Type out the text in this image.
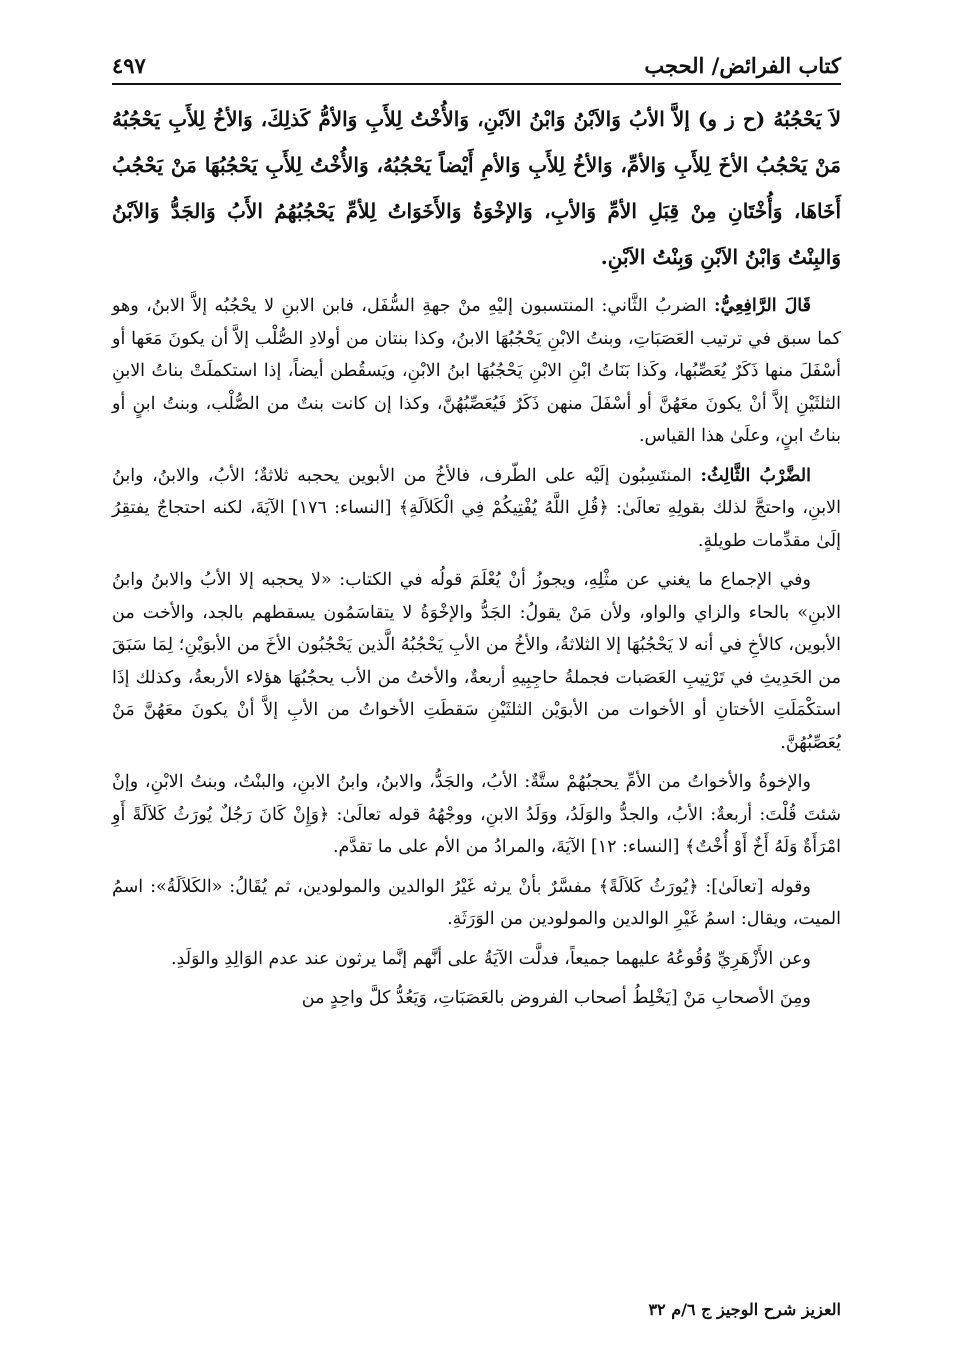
كتاب الفرائض/ الحجب
٤٩٧
لاَ يَحْجُبُهُ (ح ز و) إلاَّ الأبُ وَالاَبْنُ وَابْنُ الاَبْنِ، وَالأُخْتُ لِلأَبِ وَالأمُّ كَذلِكَ، وَالأخُ لِلأَبِ يَحْجُبُهُ مَنْ يَحْجُبُ الأخَ لِلأَبِ وَالأمِّ، وَالأخُ لِلأَبِ وَالأمِ أَيْضاً يَحْجُبُهُ، وَالأُخْتُ لِلأَبِ يَحْجُبُهَا مَنْ يَحْجُبُ أَخَاهَا، وَأُخْتَانِ مِنْ قِبَلِ الأمِّ وَالأبِ، وَالإخْوَةُ وَالأَخَوَاتُ لِلأمِّ يَحْجُبُهُمُ الأَبُ وَالجَدُّ وَالاَبْنُ وَالبِنْتُ وَابْنُ الاَبْنِ وَبِنْتُ الاَبْنِ.

قَالَ الرَّافِعِيُّ: الضربُ الثَّاني: المنتسبون إليْهِ منْ جهةِ السُّفَل، فابن الابنِ لا يحْجُبُه إلاَّ الابنُ، وهو كما سبق في ترتيب العَصَبَاتِ، وبنتُ الابْنِ يَحْجُبُهَا الابنُ، وكذا بنتان من أولادِ الصُّلْب إلاَّ أن يكونَ مَعَها أو أسْفَلَ منها ذَكَرٌ يُعَصِّبُها، وكَذا بَنَاتُ ابْنِ الابْنِ يَحْجُبُهَا ابنُ الابْنِ، ويَسقُطن أيضاً، إذا استكملَتْ بناتُ الابنِ الثلثَيْنِ إلاَّ أنْ يكونَ معَهُنَّ أو أسْفَلَ منهن ذَكَرٌ فَيُعَصِّبُهُنَّ، وكذا إن كانت بنتٌ من الصُّلْب، وبنتُ ابنٍ أو بناتُ ابنٍ، وعلَىٰ هذا القياس.

الضَّرْبُ الثَّالِثُ: المنتَسِبُون إلَيْه على الطّرف، فالأخُ من الأبوين يحجبه ثلاثةٌ؛ الأبُ، والابنُ، وابنُ الابنِ، واحتجَّ لذلك بقولِهِ تعالَىٰ: ﴿قُلِ اللَّهُ يُفْتِيكُمْ فِي الْكَلاَلَةِ﴾ [النساء: ١٧٦] الآيَةَ، لكنه احتجاجٌ يفتقِرُ إلَىٰ مقدِّمات طويلةٍ.

وفي الإجماع ما يغني عن مثْلِهِ، ويجوزُ أنْ يُعْلَمَ قولُه في الكتاب: «لا يحجبه إلا الأبُ والابنُ وابنُ الابنِ» بالحاء والزاي والواو، ولأن مَنْ يقولُ: الجَدُّ والإخْوَةُ لا يتقاسَمُون يسقطهم بالجد، والأخت من الأبوين، كالأخِ في أنه لا يَحْجُبُهَا إلا الثلاثةُ، والأخُ من الأبِ يَحْجُبُهُ الَّذين يَحْجُبُون الأخَ من الأبوَيْنِ؛ لِمَا سَبَقَ من الحَدِيثِ في تَرْتِيبِ العَصَبات فجملةُ حاجِبِيهِ أربعةٌ، والأختُ من الأب يحجُبُهَا هؤلاء الأربعةُ، وكذلك إذَا استكْمَلَتِ الأختانِ أو الأخوات من الأبوَيْن الثلثَيْنِ سَقطَتِ الأخواتُ من الأبِ إلاَّ أنْ يكونَ معَهُنَّ مَنْ يُعَصِّبُهُنَّ.

والإخوةُ والأخواتُ من الأمِّ يحجبُهُمْ ستَّةٌ: الأبُ، والجَدُّ، والابنُ، وابنُ الابنِ، والبنْتُ، وبنتُ الابْنِ، وإنْ شئتَ قُلْتَ: أربعةٌ: الأبُ، والجدُّ والوَلَدُ، ووَلَدُ الابنِ، ووجْهُهُ قوله تعالَىٰ: ﴿وَإِنْ كَانَ رَجُلٌ يُورَثُ كَلاَلَةً أَوِ امْرَأَةٌ وَلَهُ أَخٌ أَوْ أُخْتٌ﴾ [النساء: ١٢] الآيَةَ، والمرادُ من الأم على ما تقدَّم.

وقوله [تعالَىٰ]: ﴿يُورَثُ كَلاَلَةً﴾ مفسَّرٌ بأنْ يرثه غَيْرُ الوالدين والمولودين، ثم يُقَالُ: «الكَلاَلَةُ»: اسمُ الميت، ويقال: اسمُ غَيْرِ الوالدين والمولودين من الوَرَثَةِ.

وعن الأَزْهَرِيِّ وُقُوعُهُ عليهما جميعاً، فدلَّت الآيَةُ على أنَّهم إنَّما يرثون عند عدم الوَالِدِ والوَلَدِ.

ومِنَ الأصحابِ مَنْ [يَخْلِطُ أصحاب الفروض بالعَصَبَاتِ، وَيَعُدُّ كلَّ واحِدٍ من

العزيز شرح الوجيز ج ٦/م ٣٢
